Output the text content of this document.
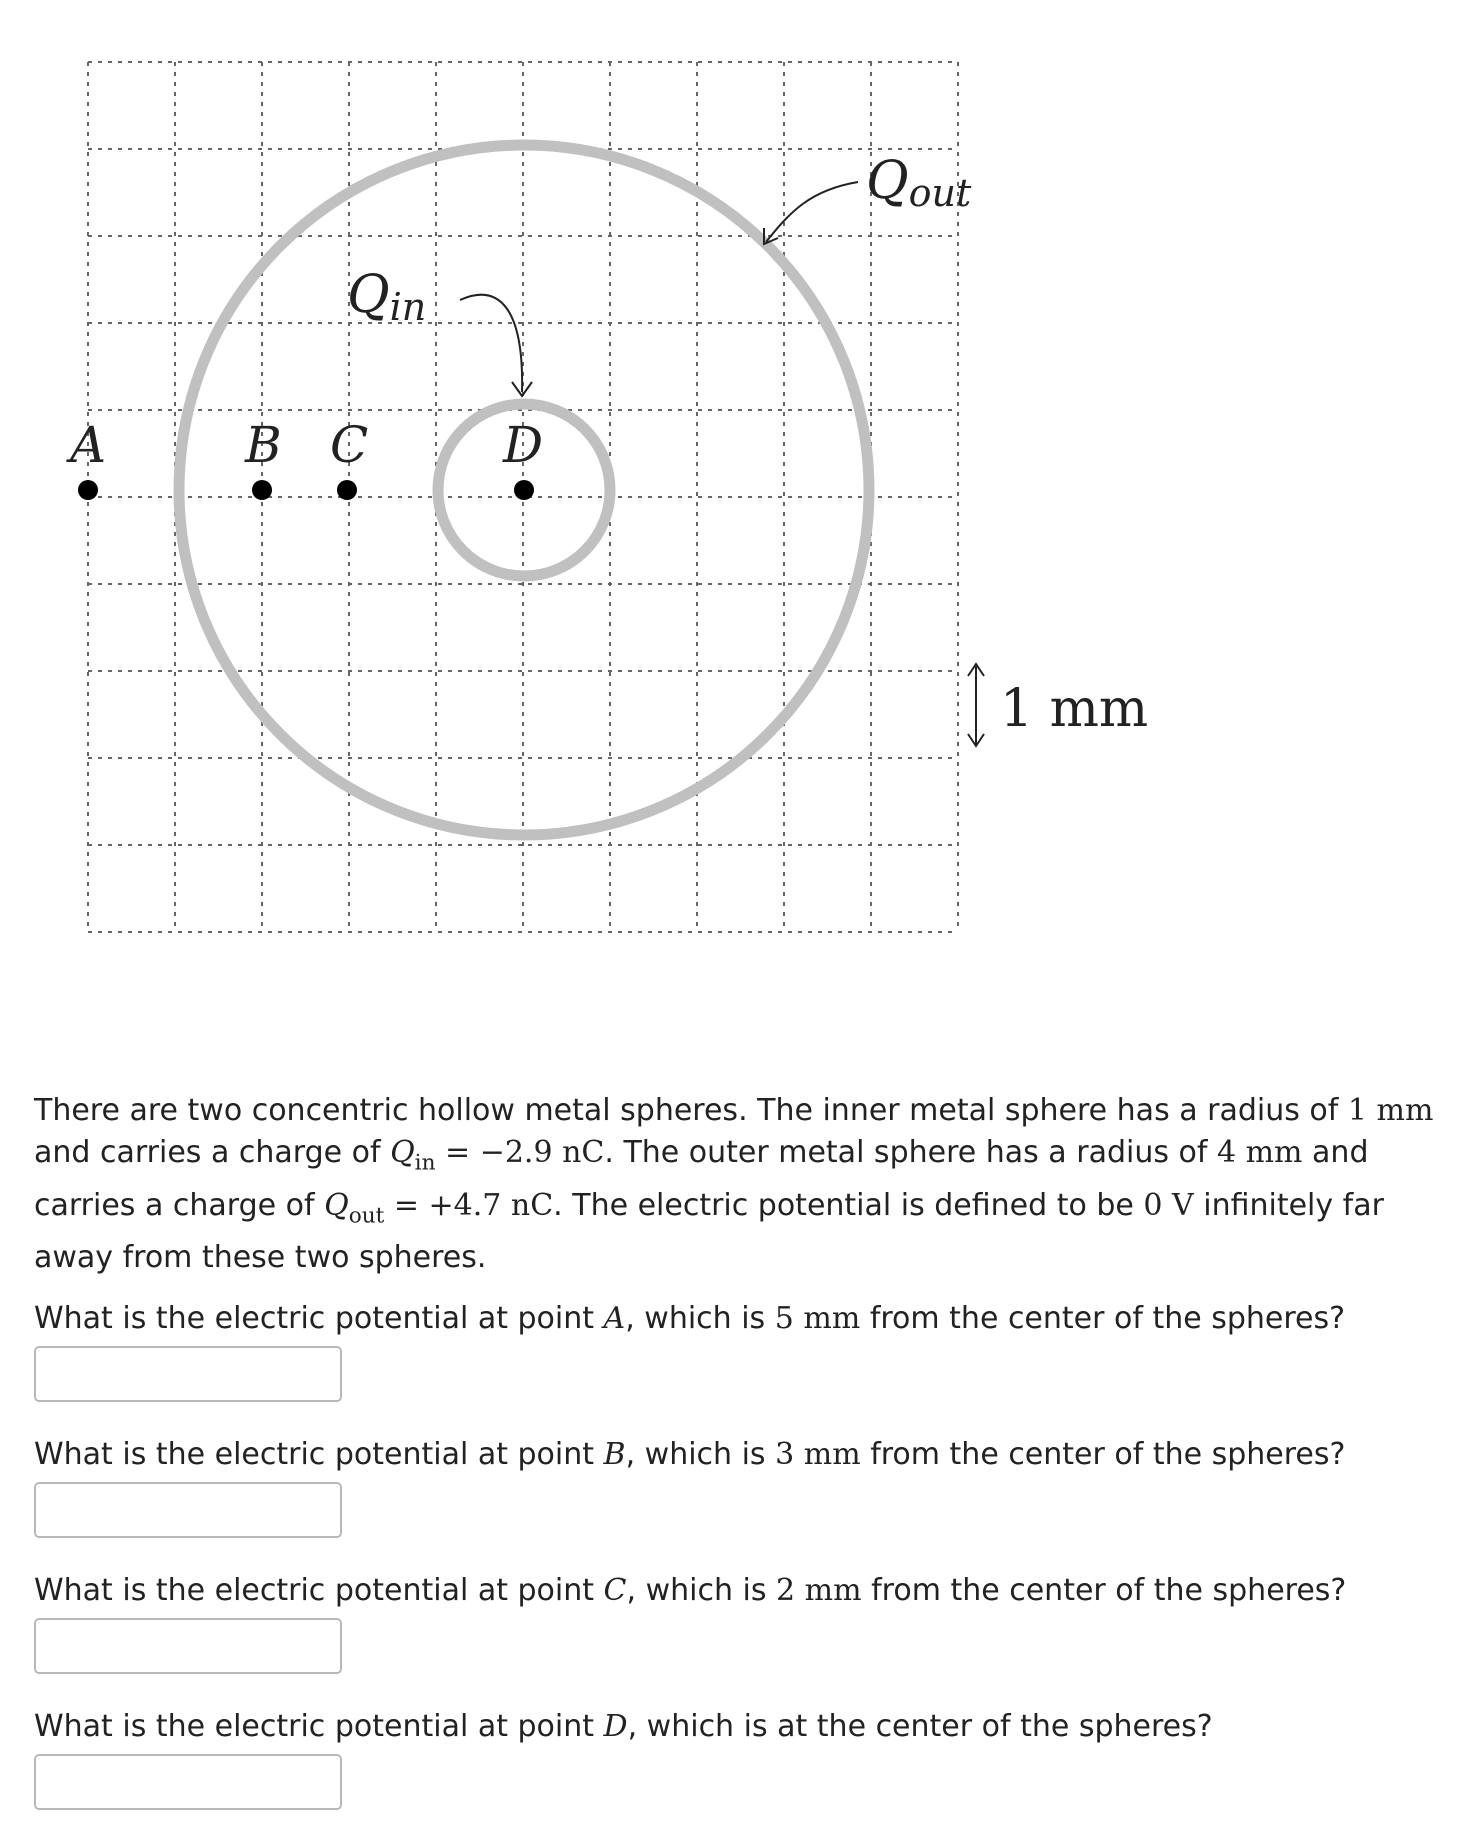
Qin
Qout
A	B C	D
1 mm

There are two concentric hollow metal spheres. The inner metal sphere has a radius of 1 mm and carries a charge of $Q_{in} = -2.9$ nC. The outer metal sphere has a radius of 4 mm and carries a charge of $Q_{out} = +4.7$ nC. The electric potential is defined to be 0 V infinitely far away from these two spheres.

What is the electric potential at point A, which is 5 mm from the center of the spheres?
What is the electric potential at point B, which is 3 mm from the center of the spheres?
What is the electric potential at point C, which is 2 mm from the center of the spheres?
What is the electric potential at point D, which is at the center of the spheres?
